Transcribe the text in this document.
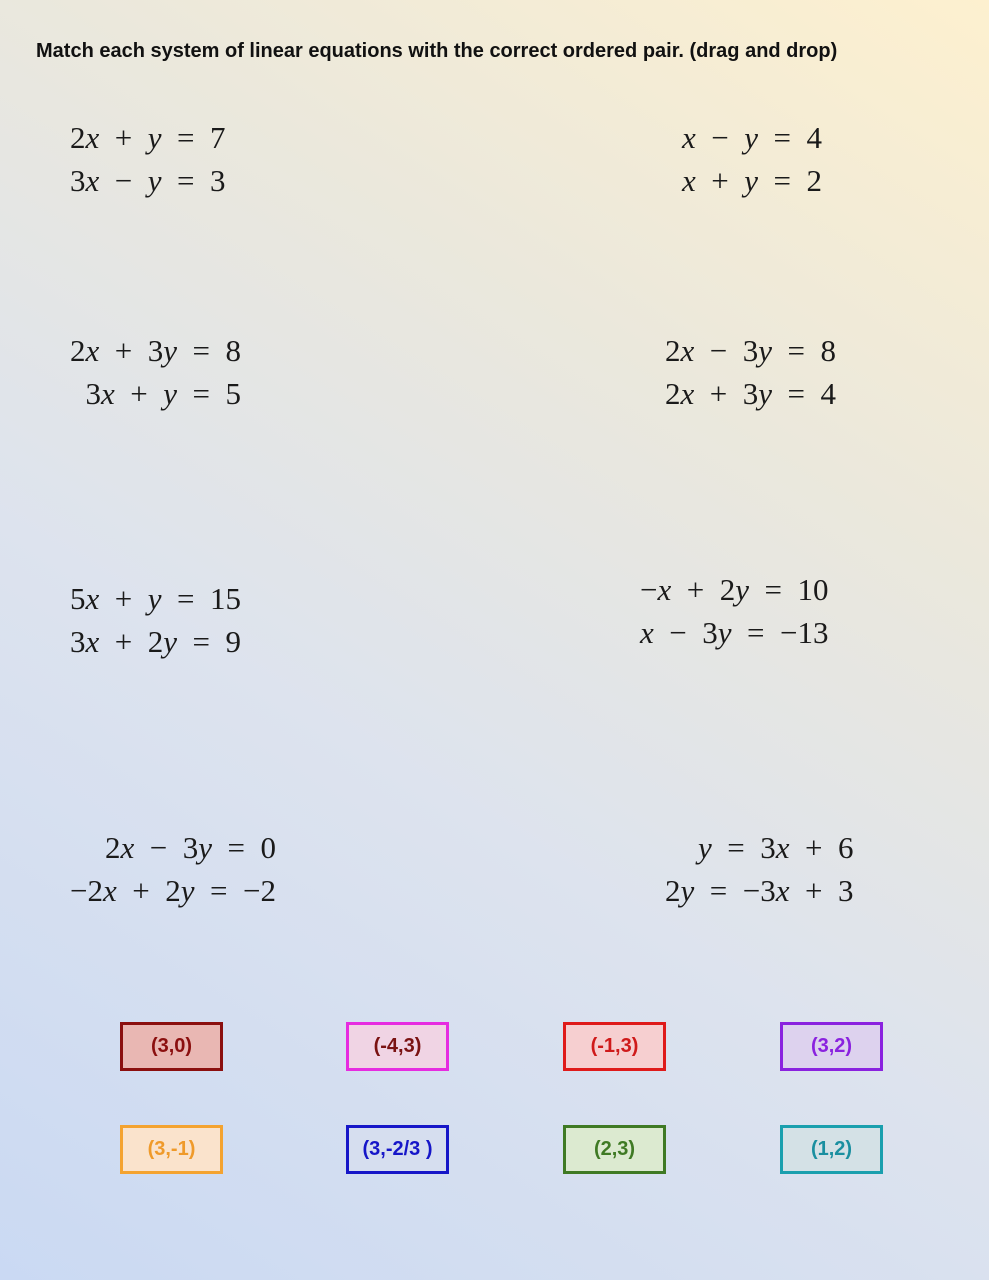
Match each system of linear equations with the correct ordered pair. (drag and drop)
2x  +  y  =  7
3x  −  y  =  3
x  −  y  =  4
x  +  y  =  2
2x  +  3y  =  8
3x  +  y  =  5
2x  −  3y  =  8
2x  +  3y  =  4
5x  +  y  =  15
3x  +  2y  =  9
−x  +  2y  =  10
x  −  3y  =  −13
2x  −  3y  =  0
−2x  +  2y  =  −2
y  =  3x  +  6
2y  =  −3x  +  3
(3,0)	(-4,3)	(-1,3)	(3,2)
(3,-1)	(3,-2/3 )	(2,3)	(1,2)
